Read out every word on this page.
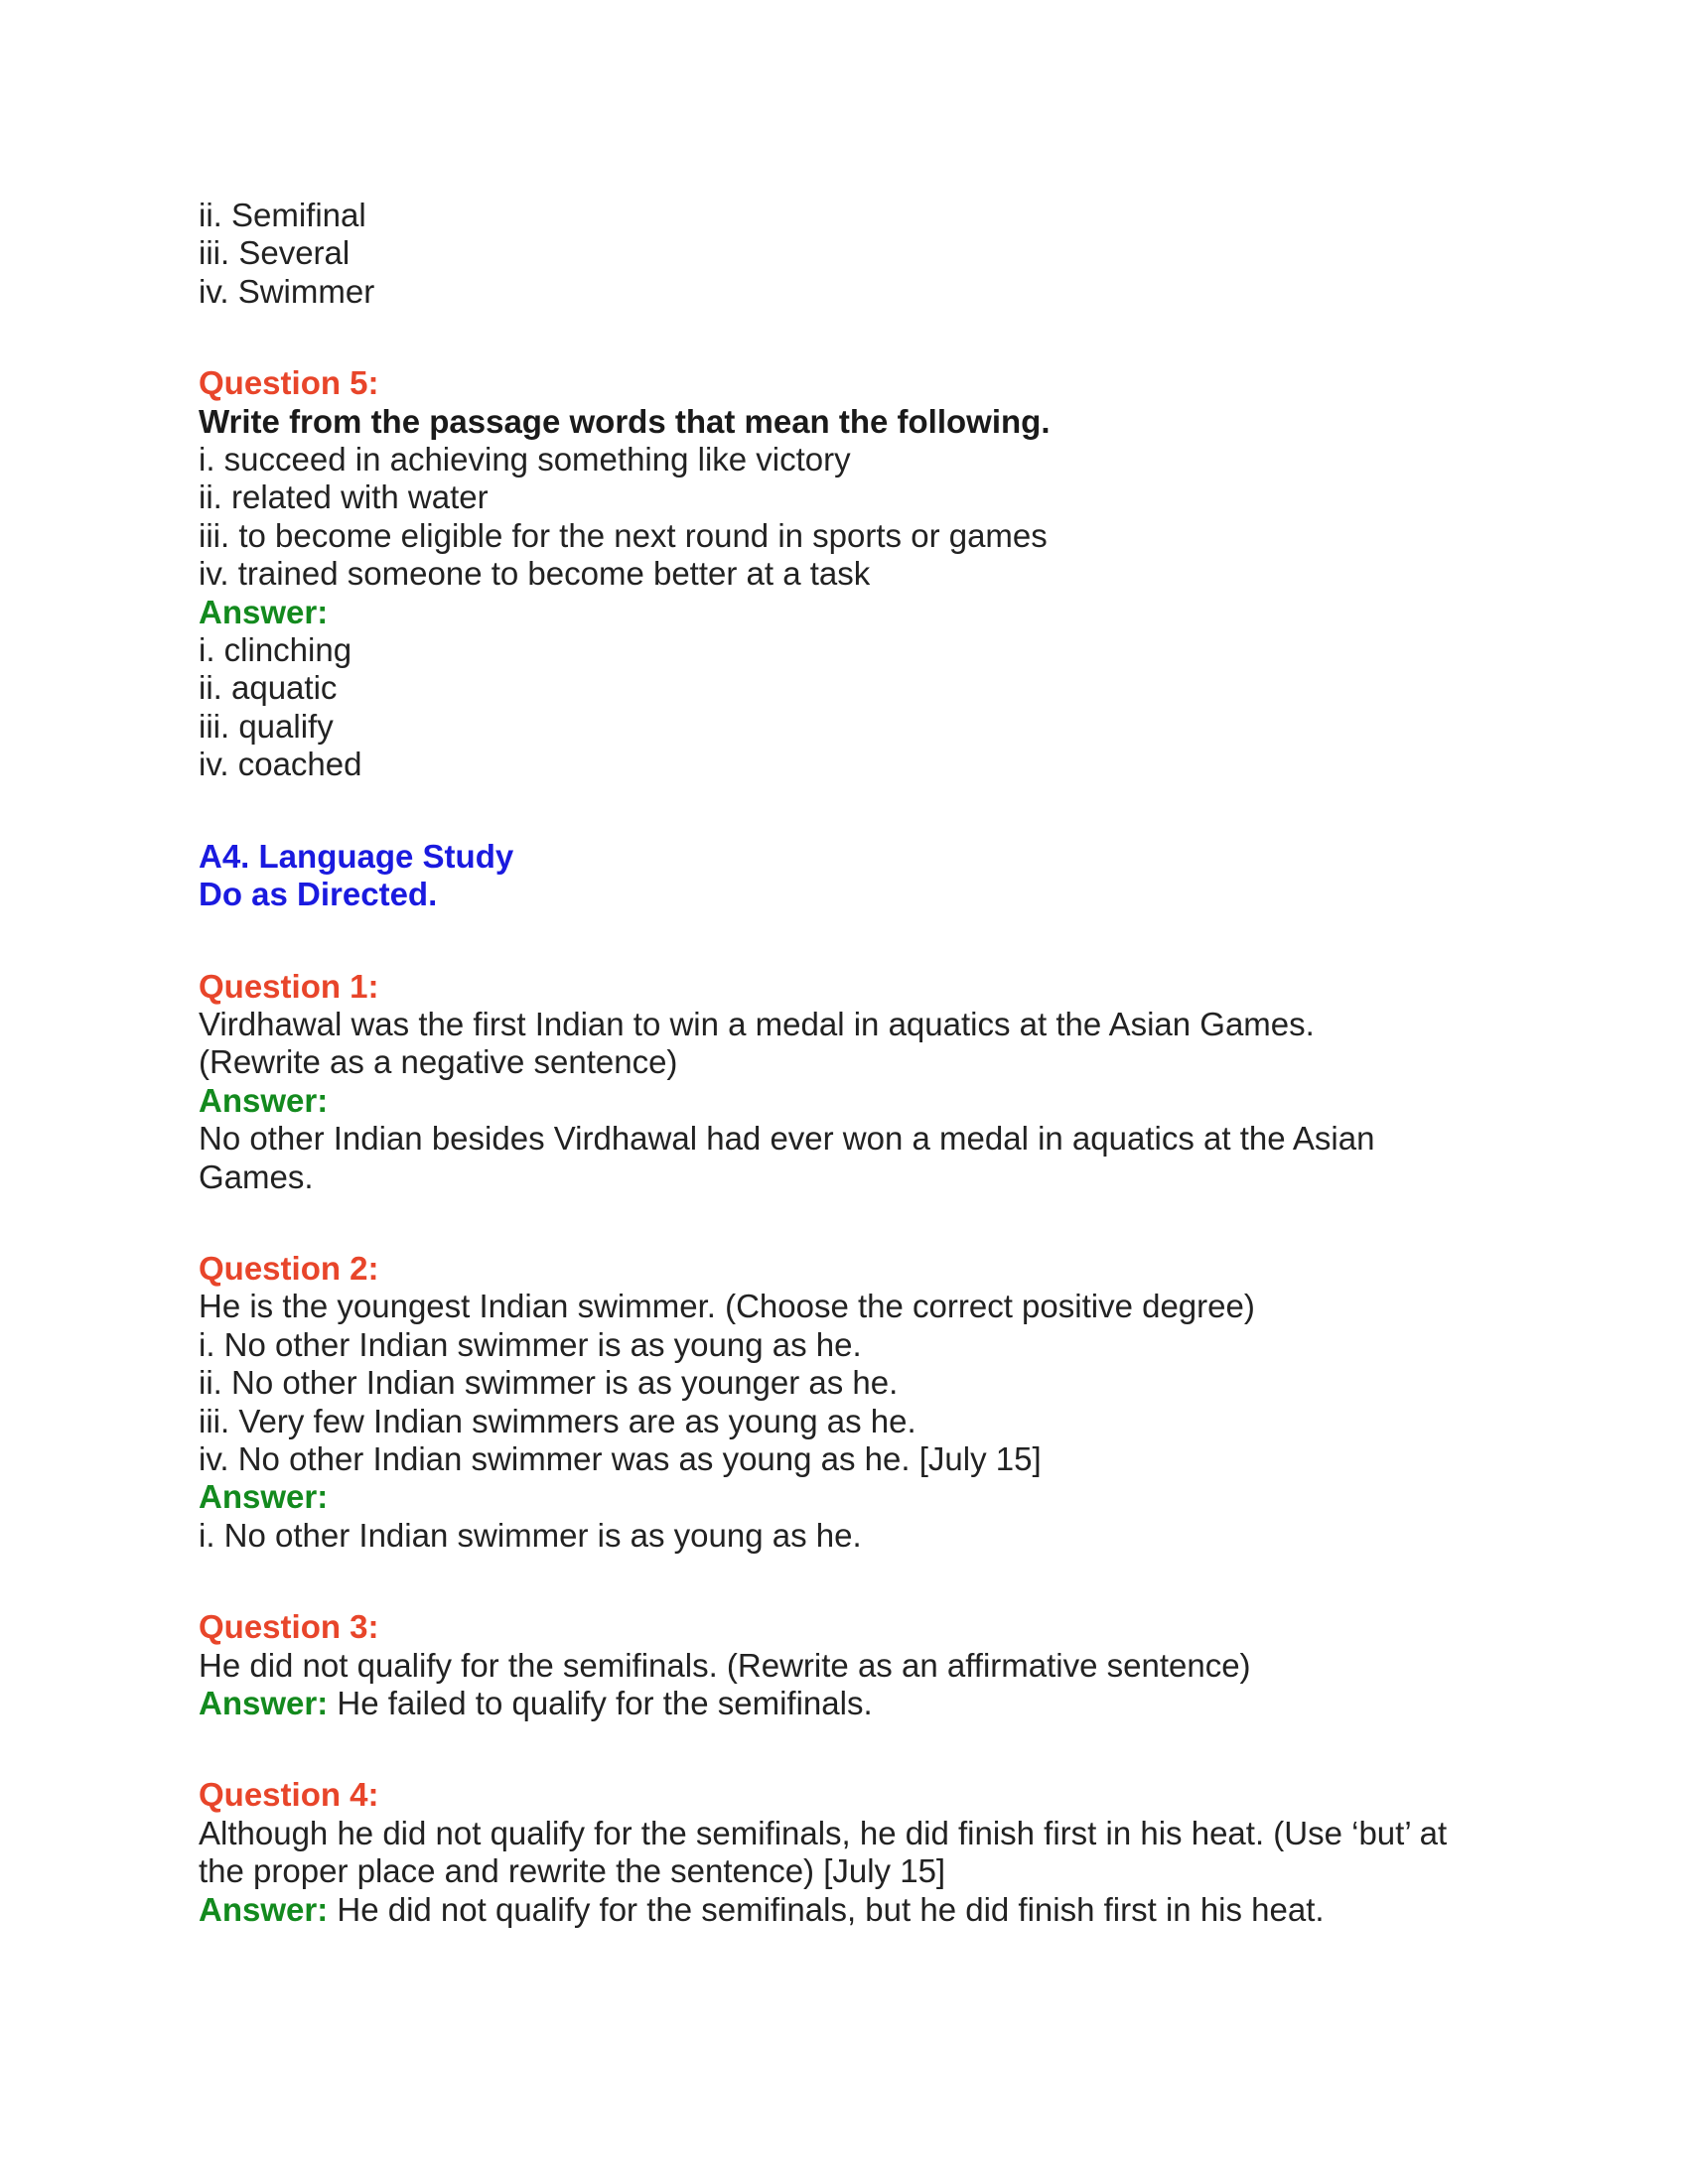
ii. Semifinal
iii. Several
iv. Swimmer
Question 5:
Write from the passage words that mean the following.
i. succeed in achieving something like victory
ii. related with water
iii. to become eligible for the next round in sports or games
iv. trained someone to become better at a task
Answer:
i. clinching
ii. aquatic
iii. qualify
iv. coached
A4. Language Study
Do as Directed.
Question 1:
Virdhawal was the first Indian to win a medal in aquatics at the Asian Games.
(Rewrite as a negative sentence)
Answer:
No other Indian besides Virdhawal had ever won a medal in aquatics at the Asian Games.
Question 2:
He is the youngest Indian swimmer. (Choose the correct positive degree)
i. No other Indian swimmer is as young as he.
ii. No other Indian swimmer is as younger as he.
iii. Very few Indian swimmers are as young as he.
iv. No other Indian swimmer was as young as he. [July 15]
Answer:
i. No other Indian swimmer is as young as he.
Question 3:
He did not qualify for the semifinals. (Rewrite as an affirmative sentence)
Answer: He failed to qualify for the semifinals.
Question 4:
Although he did not qualify for the semifinals, he did finish first in his heat. (Use ‘but’ at the proper place and rewrite the sentence) [July 15]
Answer: He did not qualify for the semifinals, but he did finish first in his heat.
